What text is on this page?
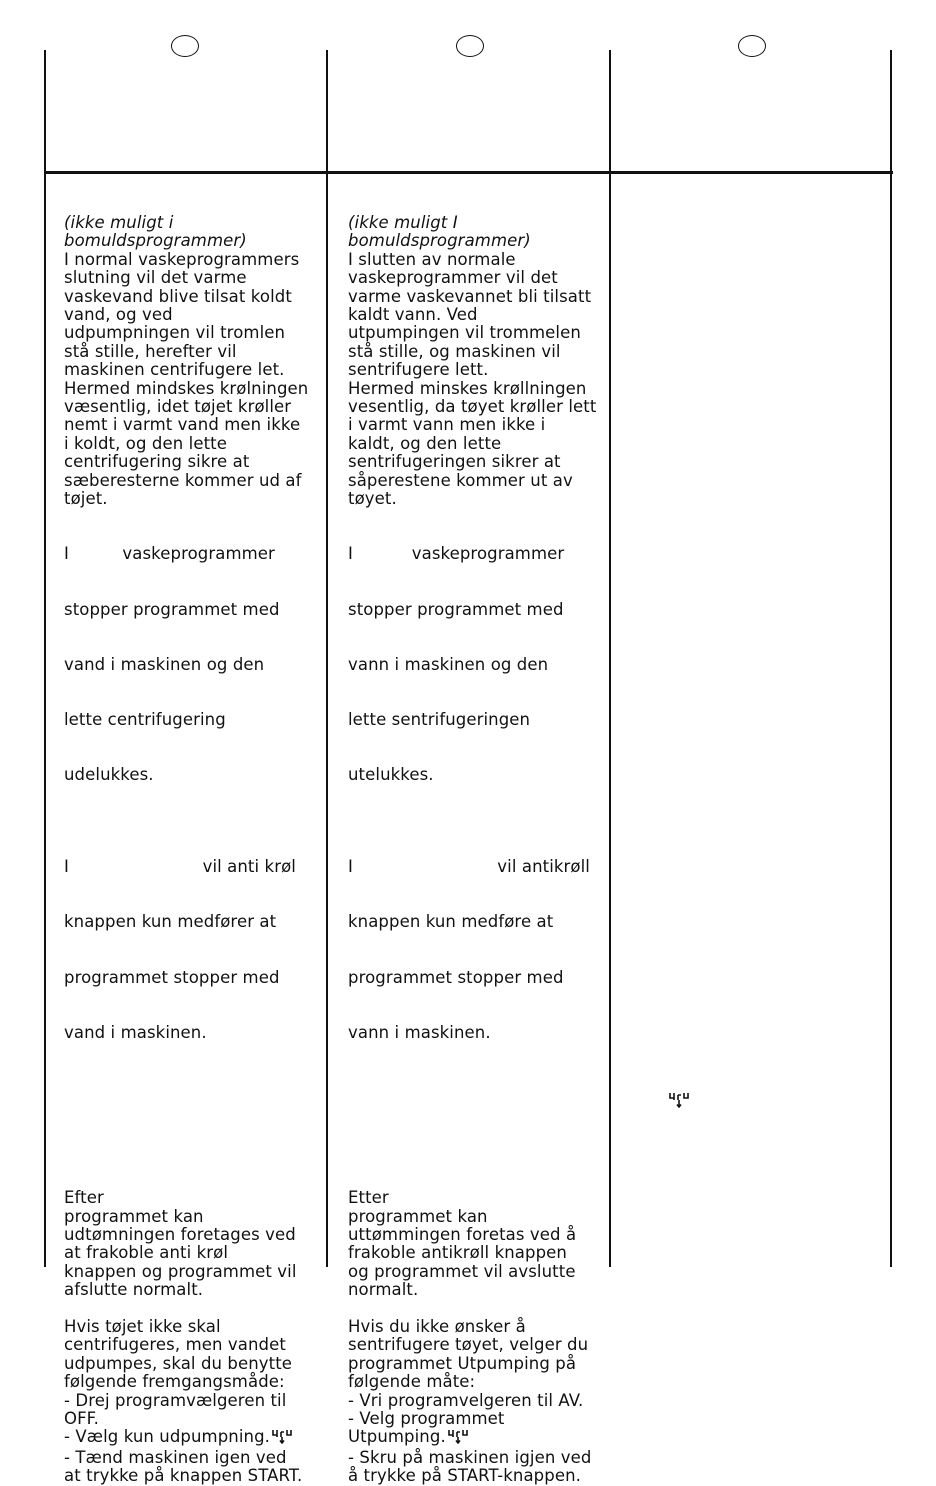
(ikke muligt i

bomuldsprogrammer)

I normal vaskeprogrammers

slutning vil det varme

vaskevand blive tilsat koldt

vand, og ved

udpumpningen vil tromlen

stå stille, herefter vil

maskinen centrifugere let.

Hermed mindskes krølningen

væsentlig, idet tøjet krøller

nemt i varmt vand men ikke

i koldt, og den lette

centrifugering sikre at

sæberesterne kommer ud af

tøjet.

I          vaskeprogrammer

stopper programmet med

vand i maskinen og den

lette centrifugering

udelukkes.

I                         vil anti krøl

knappen kun medfører at

programmet stopper med

vand i maskinen.

Efter

programmet kan

udtømningen foretages ved

at frakoble anti krøl

knappen og programmet vil

afslutte normalt.

Hvis tøjet ikke skal

centrifugeres, men vandet

udpumpes, skal du benytte

følgende fremgangsmåde:

- Drej programvælgeren til

OFF.

- Vælg kun udpumpning.

- Tænd maskinen igen ved

at trykke på knappen START.

(ikke muligt I

bomuldsprogrammer)

I slutten av normale

vaskeprogrammer vil det

varme vaskevannet bli tilsatt

kaldt vann. Ved

utpumpingen vil trommelen

stå stille, og maskinen vil

sentrifugere lett.

Hermed minskes krøllningen

vesentlig, da tøyet krøller lett

i varmt vann men ikke i

kaldt, og den lette

sentrifugeringen sikrer at

såperestene kommer ut av

tøyet.

I           vaskeprogrammer

stopper programmet med

vann i maskinen og den

lette sentrifugeringen

utelukkes.

I                           vil antikrøll

knappen kun medføre at

programmet stopper med

vann i maskinen.

Etter

programmet kan

uttømmingen foretas ved å

frakoble antikrøll knappen

og programmet vil avslutte

normalt.

Hvis du ikke ønsker å

sentrifugere tøyet, velger du

programmet Utpumping på

følgende måte:

- Vri programvelgeren til AV.

- Velg programmet

Utpumping.

- Skru på maskinen igjen ved

å trykke på START-knappen.
